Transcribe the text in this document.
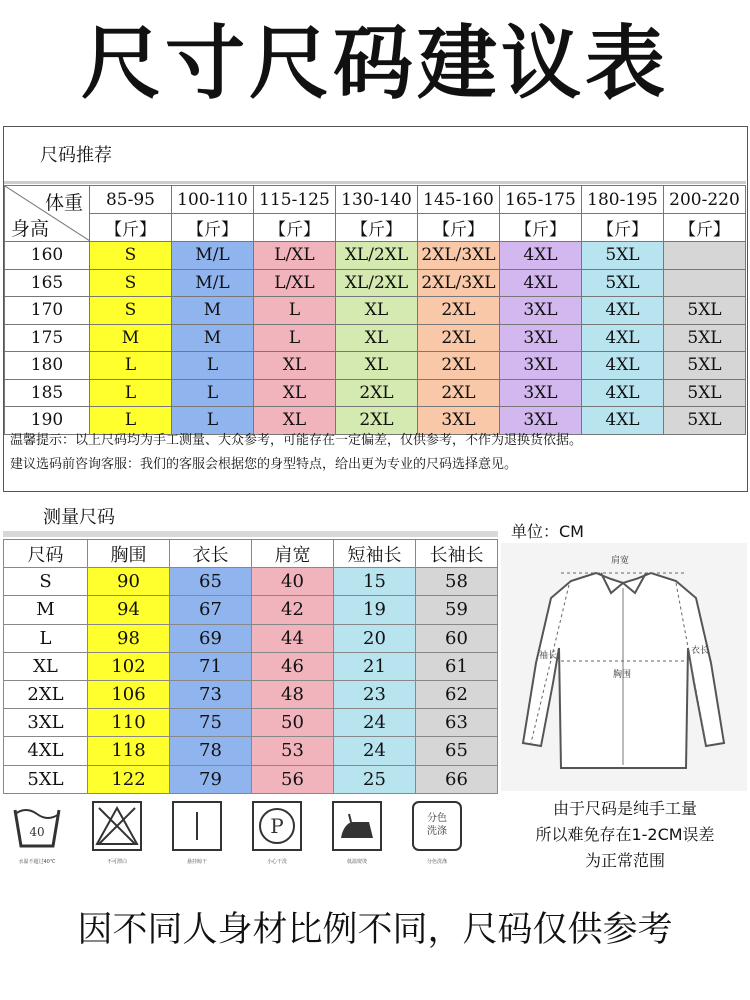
尺寸尺码建议表
尺码推荐
体重
身高	85-95	100-110	115-125	130-140	145-160	165-175	180-195	200-220
	【斤】	【斤】	【斤】	【斤】	【斤】	【斤】	【斤】	【斤】
160	S	M/L	L/XL	XL/2XL	2XL/3XL	4XL	5XL	
165	S	M/L	L/XL	XL/2XL	2XL/3XL	4XL	5XL	
170	S	M	L	XL	2XL	3XL	4XL	5XL
175	M	M	L	XL	2XL	3XL	4XL	5XL
180	L	L	XL	XL	2XL	3XL	4XL	5XL
185	L	L	XL	2XL	2XL	3XL	4XL	5XL
190	L	L	XL	2XL	3XL	3XL	4XL	5XL
温馨提示：以上尺码均为手工测量、大众参考，可能存在一定偏差，仅供参考，不作为退换货依据。
建议选码前咨询客服：我们的客服会根据您的身型特点，给出更为专业的尺码选择意见。
测量尺码
尺码	胸围	衣长	肩宽	短袖长	长袖长
S	90	65	40	15	58
M	94	67	42	19	59
L	98	69	44	20	60
XL	102	71	46	21	61
2XL	106	73	48	23	62
3XL	110	75	50	24	63
4XL	118	78	53	24	65
5XL	122	79	56	25	66
单位：CM
肩宽
胸围
衣长
袖长
40
水温不超过40℃	不可漂白	悬挂晾干
P
小心干洗	低温熨烫
分色
洗涤
分色洗涤
由于尺码是纯手工量
所以难免存在1-2CM误差
为正常范围
因不同人身材比例不同，尺码仅供参考
